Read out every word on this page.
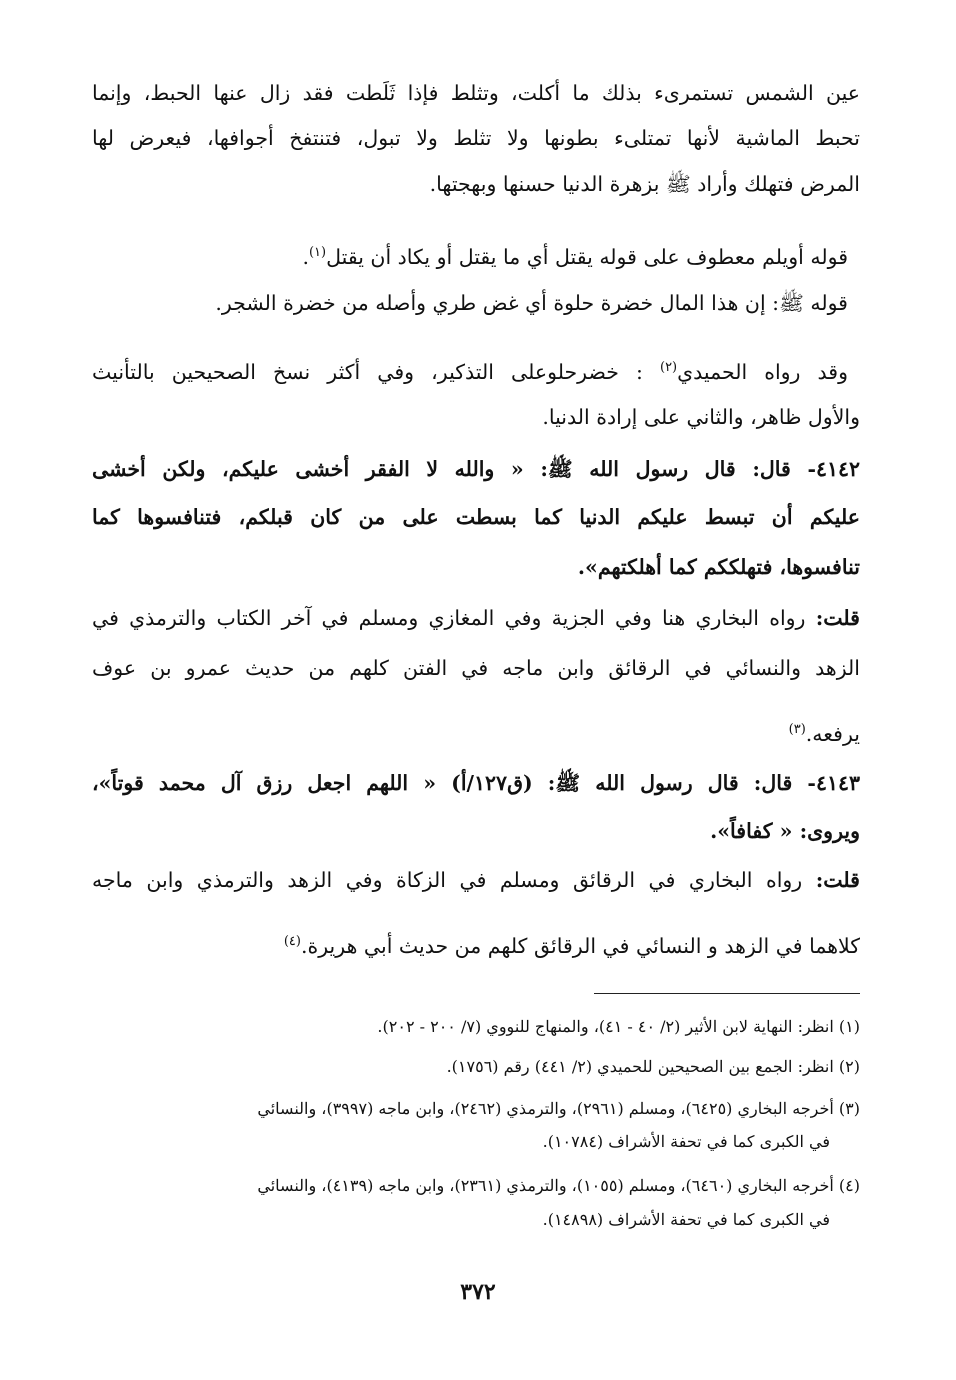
عين الشمس تستمرىء بذلك ما أكلت، وتثلط فإذا ثَلَطت فقد زال عنها الحبط، وإنما
تحبط الماشية لأنها تمتلىء بطونها ولا تثلط ولا تبول، فتنتفخ أجوافها، فيعرض لها
المرض فتهلك وأراد ﷺ بزهرة الدنيا حسنها وبهجتها.
قوله أويلم معطوف على قوله يقتل أي ما يقتل أو يكاد أن يقتل$^{(١)}$.
قوله ﷺ: إن هذا المال خضرة حلوة أي غض طري وأصله من خضرة الشجر.
وقد رواه الحميدي$^{(٢)}$ : خضرحلوعلى التذكير، وفي أكثر نسخ الصحيحين بالتأنيث
والأول ظاهر، والثاني على إرادة الدنيا.
٤١٤٢- قال: قال رسول الله ﷺ: « والله لا الفقر أخشى عليكم، ولكن أخشى
عليكم أن تبسط عليكم الدنيا كما بسطت على من كان قبلكم، فتنافسوها كما
تنافسوها، فتهلككم كما أهلكتهم».
قلت: رواه البخاري هنا وفي الجزية وفي المغازي ومسلم في آخر الكتاب والترمذي في
الزهد والنسائي في الرقائق وابن ماجه في الفتن كلهم من حديث عمرو بن عوف
يرفعه.$^{(٣)}$
٤١٤٣- قال: قال رسول الله ﷺ: (ق١٢٧/أ) « اللهم اجعل رزق آل محمد قوتاً»،
ويروى: « كفافاً».
قلت: رواه البخاري في الرقائق ومسلم في الزكاة وفي الزهد والترمذي وابن ماجه
كلاهما في الزهد و النسائي في الرقائق كلهم من حديث أبي هريرة.$^{(٤)}$
(١) انظر: النهاية لابن الأثير (٢/ ٤٠ - ٤١)، والمنهاج للنووي (٧/ ٢٠٠ - ٢٠٢).
(٢) انظر: الجمع بين الصحيحين للحميدي (٢/ ٤٤١) رقم (١٧٥٦).
(٣) أخرجه البخاري (٦٤٢٥)، ومسلم (٢٩٦١)، والترمذي (٢٤٦٢)، وابن ماجه (٣٩٩٧)، والنسائي
في الكبرى كما في تحفة الأشراف (١٠٧٨٤).
(٤) أخرجه البخاري (٦٤٦٠)، ومسلم (١٠٥٥)، والترمذي (٢٣٦١)، وابن ماجه (٤١٣٩)، والنسائي
في الكبرى كما في تحفة الأشراف (١٤٨٩٨).
٣٧٢
